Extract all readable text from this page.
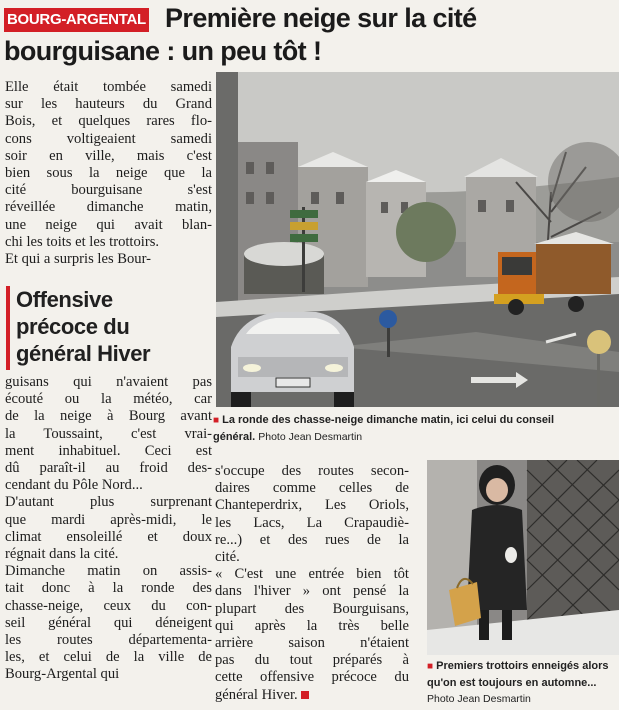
BOURG-ARGENTAL Première neige sur la cité
bourguisane : un peu tôt !

Elle était tombée samedi

sur les hauteurs du Grand

Bois, et quelques rares flo-

cons voltigeaient samedi

soir en ville, mais c'est

bien sous la neige que la

cité bourguisane s'est

réveillée dimanche matin,

une neige qui avait blan-

chi les toits et les trottoirs.

Et qui a surpris les Bour-

Offensive
précoce du
général Hiver

guisans qui n'avaient pas

écouté ou la météo, car

de la neige à Bourg avant

la Toussaint, c'est vrai-

ment inhabituel. Ceci est

dû paraît-il au froid des-

cendant du Pôle Nord...

D'autant plus surprenant

que mardi après-midi, le

climat ensoleillé et doux

régnait dans la cité.

Dimanche matin on assis-

tait donc à la ronde des

chasse-neige, ceux du con-

seil général qui déneigent

les routes départementa-

les, et celui de la ville de

Bourg-Argental qui

■ La ronde des chasse-neige dimanche matin, ici celui du conseil
général. Photo Jean Desmartin

s'occupe des routes secon-

daires comme celles de

Chanteperdrix, Les Oriols,

les Lacs, La Crapaudiè-

re...) et des rues de la

cité.

« C'est une entrée bien tôt

dans l'hiver » ont pensé la

plupart des Bourguisans,

qui après la très belle

arrière saison n'étaient

pas du tout préparés à

cette offensive précoce du

général Hiver.

■ Premiers trottoirs enneigés alors
qu'on est toujours en automne...
Photo Jean Desmartin
